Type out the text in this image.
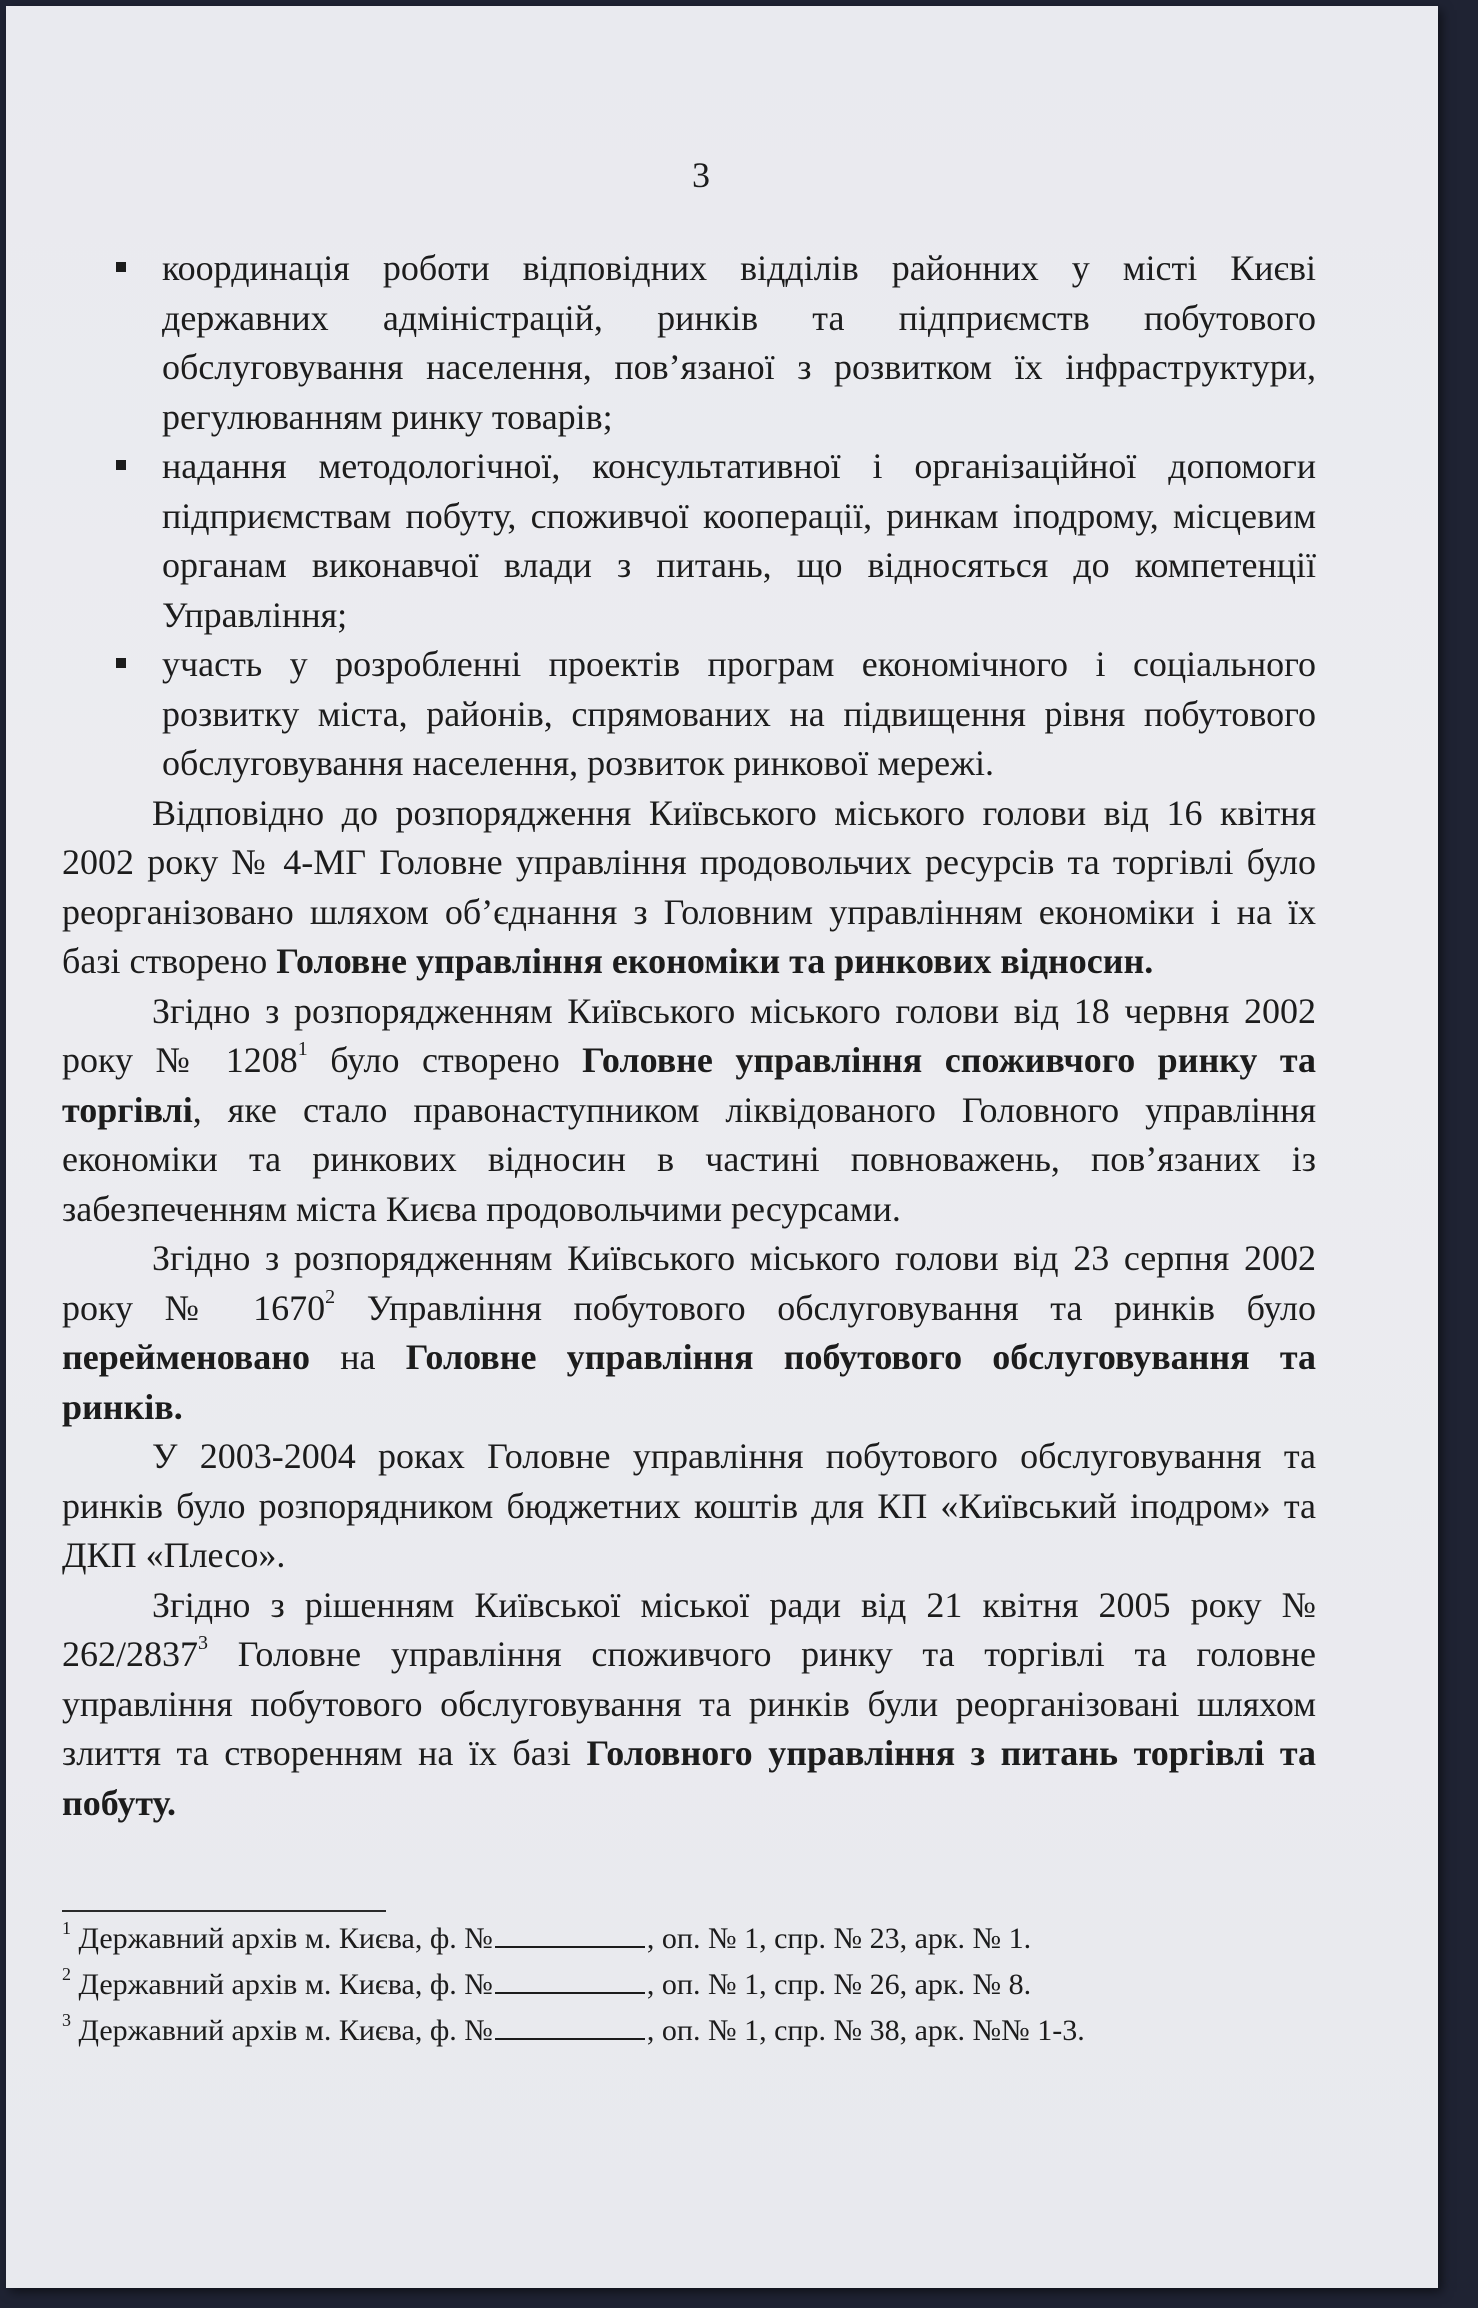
3
координація роботи відповідних відділів районних у місті Києві державних адміністрацій, ринків та підприємств побутового обслуговування населення, пов’язаної з розвитком їх інфраструктури, регулюванням ринку товарів;
надання методологічної, консультативної і організаційної допомоги підприємствам побуту, споживчої кооперації, ринкам іподрому, місцевим органам виконавчої влади з питань, що відносяться до компетенції Управління;
участь у розробленні проектів програм економічного і соціального розвитку міста, районів, спрямованих на підвищення рівня побутового обслуговування населення, розвиток ринкової мережі.

Відповідно до розпорядження Київського міського голови від 16 квітня 2002 року № 4-МГ Головне управління продовольчих ресурсів та торгівлі було реорганізовано шляхом об’єднання з Головним управлінням економіки і на їх базі створено Головне управління економіки та ринкових відносин.

Згідно з розпорядженням Київського міського голови від 18 червня 2002 року № 1208$^1$ було створено Головне управління споживчого ринку та торгівлі, яке стало правонаступником ліквідованого Головного управління економіки та ринкових відносин в частині повноважень, пов’язаних із забезпеченням міста Києва продовольчими ресурсами.

Згідно з розпорядженням Київського міського голови від 23 серпня 2002 року № 1670$^2$ Управління побутового обслуговування та ринків було перейменовано на Головне управління побутового обслуговування та ринків.

У 2003-2004 роках Головне управління побутового обслуговування та ринків було розпорядником бюджетних коштів для КП «Київський іподром» та ДКП «Плесо».

Згідно з рішенням Київської міської ради від 21 квітня 2005 року № 262/2837$^3$ Головне управління споживчого ринку та торгівлі та головне управління побутового обслуговування та ринків були реорганізовані шляхом злиття та створенням на їх базі Головного управління з питань торгівлі та побуту.

$^1$ Державний архів м. Києва, ф. №	, оп. № 1, спр. № 23, арк. № 1.
$^2$ Державний архів м. Києва, ф. №	, оп. № 1, спр. № 26, арк. № 8.
$^3$ Державний архів м. Києва, ф. №	, оп. № 1, спр. № 38, арк. №№ 1-3.
